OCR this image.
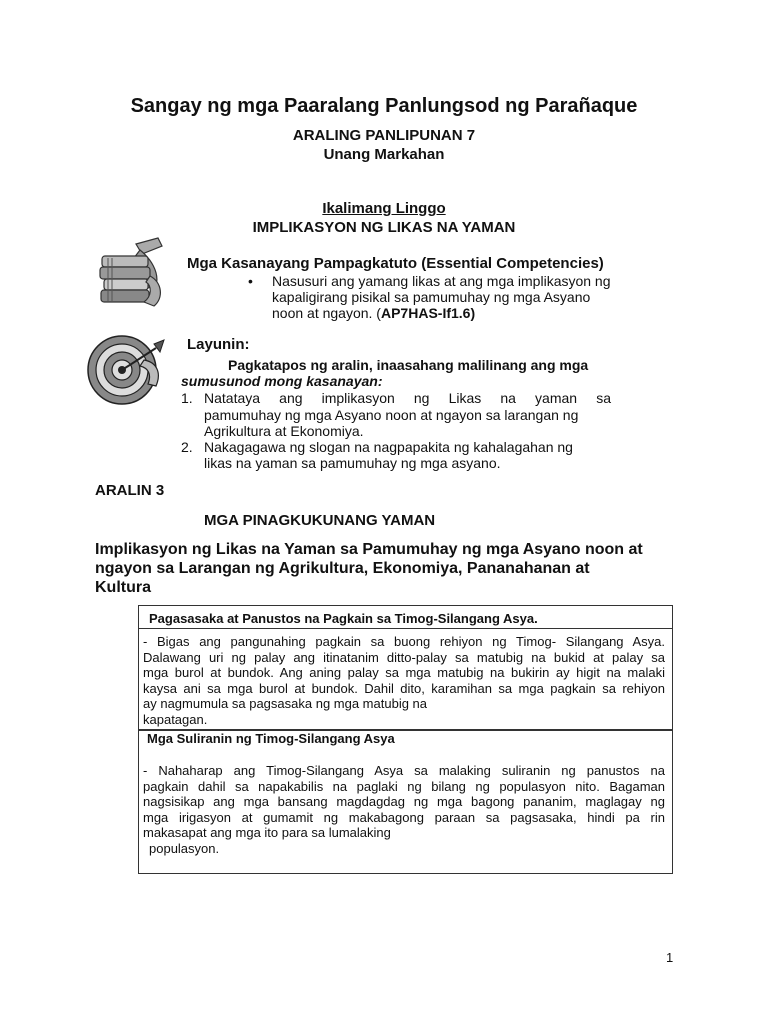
Sangay ng mga Paaralang Panlungsod ng Parañaque
ARALING PANLIPUNAN 7
Unang Markahan
Ikalimang Linggo
IMPLIKASYON NG LIKAS NA YAMAN
Mga Kasanayang Pampagkatuto (Essential Competencies)
• Nasusuri ang yamang likas at ang mga implikasyon ng
kapaligirang pisikal sa pamumuhay ng mga Asyano
noon at ngayon. (AP7HAS-If1.6)
Layunin:
Pagkatapos ng aralin, inaasahang malilinang ang mga
sumusunod mong kasanayan:
1. Natataya ang implikasyon ng Likas na yaman sa
pamumuhay ng mga Asyano noon at ngayon sa larangan ng
Agrikultura at Ekonomiya.
2. Nakagagawa ng slogan na nagpapakita ng kahalagahan ng
likas na yaman sa pamumuhay ng mga asyano.
ARALIN 3
MGA PINAGKUKUNANG YAMAN
Implikasyon ng Likas na Yaman sa Pamumuhay ng mga Asyano noon at
ngayon sa Larangan ng Agrikultura, Ekonomiya, Pananahanan at
Kultura
Pagasasaka at Panustos na Pagkain sa Timog-Silangang Asya.
- Bigas ang pangunahing pagkain sa buong rehiyon ng Timog- Silangang Asya.
Dalawang uri ng palay ang itinatanim ditto-palay sa matubig na bukid at palay sa
mga burol at bundok. Ang aning palay sa mga matubig na bukirin ay higit na malaki
kaysa ani sa mga burol at bundok. Dahil dito, karamihan sa mga pagkain sa rehiyon
ay nagmumula sa pagsasaka ng mga matubig na
kapatagan.
Mga Suliranin ng Timog-Silangang Asya
- Nahaharap ang Timog-Silangang Asya sa malaking suliranin ng panustos na
pagkain dahil sa napakabilis na paglaki ng bilang ng populasyon nito. Bagaman
nagsisikap ang mga bansang magdagdag ng mga bagong pananim, maglagay ng
mga irigasyon at gumamit ng makabagong paraan sa pagsasaka, hindi pa rin
makasapat ang mga ito para sa lumalaking
populasyon.
1
